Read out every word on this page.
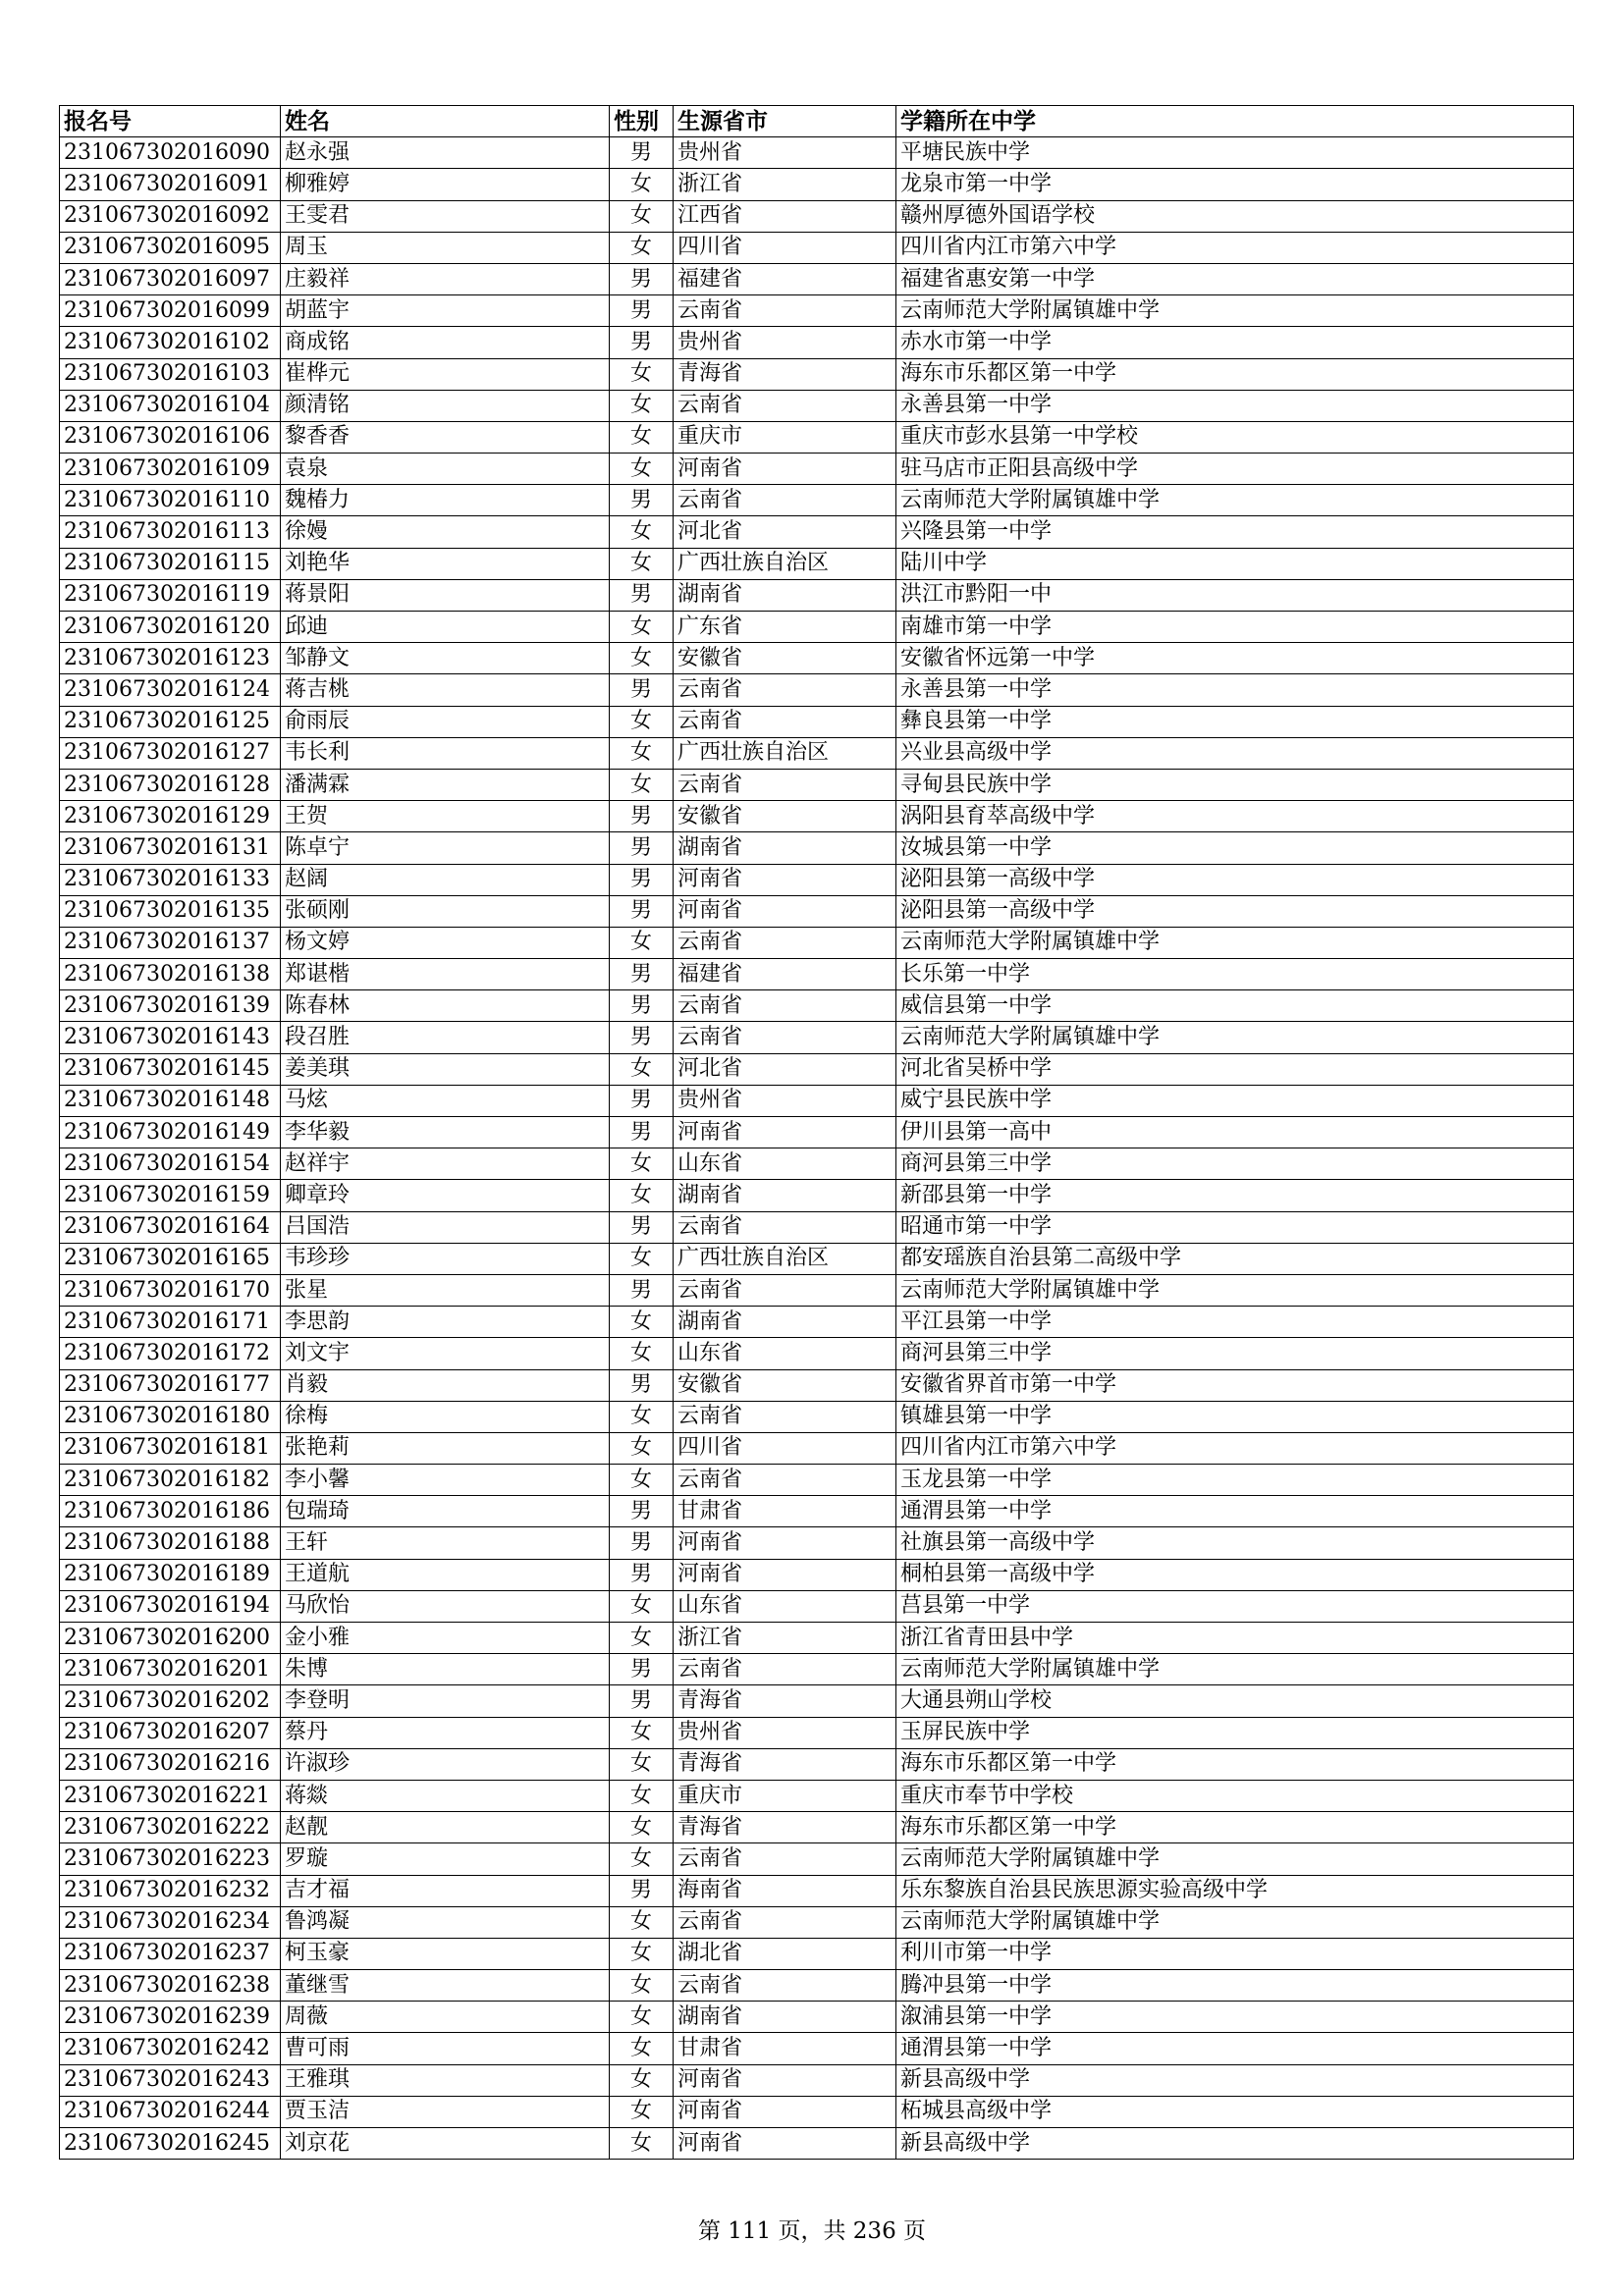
报名号	姓名	性别	生源省市	学籍所在中学
231067302016090	赵永强	男	贵州省	平塘民族中学
231067302016091	柳雅婷	女	浙江省	龙泉市第一中学
231067302016092	王雯君	女	江西省	赣州厚德外国语学校
231067302016095	周玉	女	四川省	四川省内江市第六中学
231067302016097	庄毅祥	男	福建省	福建省惠安第一中学
231067302016099	胡蓝宇	男	云南省	云南师范大学附属镇雄中学
231067302016102	商成铭	男	贵州省	赤水市第一中学
231067302016103	崔桦元	女	青海省	海东市乐都区第一中学
231067302016104	颜清铭	女	云南省	永善县第一中学
231067302016106	黎香香	女	重庆市	重庆市彭水县第一中学校
231067302016109	袁泉	女	河南省	驻马店市正阳县高级中学
231067302016110	魏椿力	男	云南省	云南师范大学附属镇雄中学
231067302016113	徐嫚	女	河北省	兴隆县第一中学
231067302016115	刘艳华	女	广西壮族自治区	陆川中学
231067302016119	蒋景阳	男	湖南省	洪江市黔阳一中
231067302016120	邱迪	女	广东省	南雄市第一中学
231067302016123	邹静文	女	安徽省	安徽省怀远第一中学
231067302016124	蒋吉桃	男	云南省	永善县第一中学
231067302016125	俞雨辰	女	云南省	彝良县第一中学
231067302016127	韦长利	女	广西壮族自治区	兴业县高级中学
231067302016128	潘满霖	女	云南省	寻甸县民族中学
231067302016129	王贺	男	安徽省	涡阳县育萃高级中学
231067302016131	陈卓宁	男	湖南省	汝城县第一中学
231067302016133	赵阔	男	河南省	泌阳县第一高级中学
231067302016135	张硕刚	男	河南省	泌阳县第一高级中学
231067302016137	杨文婷	女	云南省	云南师范大学附属镇雄中学
231067302016138	郑谌楷	男	福建省	长乐第一中学
231067302016139	陈春林	男	云南省	威信县第一中学
231067302016143	段召胜	男	云南省	云南师范大学附属镇雄中学
231067302016145	姜美琪	女	河北省	河北省吴桥中学
231067302016148	马炫	男	贵州省	威宁县民族中学
231067302016149	李华毅	男	河南省	伊川县第一高中
231067302016154	赵祥宇	女	山东省	商河县第三中学
231067302016159	卿章玲	女	湖南省	新邵县第一中学
231067302016164	吕国浩	男	云南省	昭通市第一中学
231067302016165	韦珍珍	女	广西壮族自治区	都安瑶族自治县第二高级中学
231067302016170	张星	男	云南省	云南师范大学附属镇雄中学
231067302016171	李思韵	女	湖南省	平江县第一中学
231067302016172	刘文宇	女	山东省	商河县第三中学
231067302016177	肖毅	男	安徽省	安徽省界首市第一中学
231067302016180	徐梅	女	云南省	镇雄县第一中学
231067302016181	张艳莉	女	四川省	四川省内江市第六中学
231067302016182	李小馨	女	云南省	玉龙县第一中学
231067302016186	包瑞琦	男	甘肃省	通渭县第一中学
231067302016188	王轩	男	河南省	社旗县第一高级中学
231067302016189	王道航	男	河南省	桐柏县第一高级中学
231067302016194	马欣怡	女	山东省	莒县第一中学
231067302016200	金小雅	女	浙江省	浙江省青田县中学
231067302016201	朱博	男	云南省	云南师范大学附属镇雄中学
231067302016202	李登明	男	青海省	大通县朔山学校
231067302016207	蔡丹	女	贵州省	玉屏民族中学
231067302016216	许淑珍	女	青海省	海东市乐都区第一中学
231067302016221	蒋燚	女	重庆市	重庆市奉节中学校
231067302016222	赵靓	女	青海省	海东市乐都区第一中学
231067302016223	罗璇	女	云南省	云南师范大学附属镇雄中学
231067302016232	吉才福	男	海南省	乐东黎族自治县民族思源实验高级中学
231067302016234	鲁鸿凝	女	云南省	云南师范大学附属镇雄中学
231067302016237	柯玉豪	女	湖北省	利川市第一中学
231067302016238	董继雪	女	云南省	腾冲县第一中学
231067302016239	周薇	女	湖南省	溆浦县第一中学
231067302016242	曹可雨	女	甘肃省	通渭县第一中学
231067302016243	王雅琪	女	河南省	新县高级中学
231067302016244	贾玉洁	女	河南省	柘城县高级中学
231067302016245	刘京花	女	河南省	新县高级中学
第 111 页，共 236 页
